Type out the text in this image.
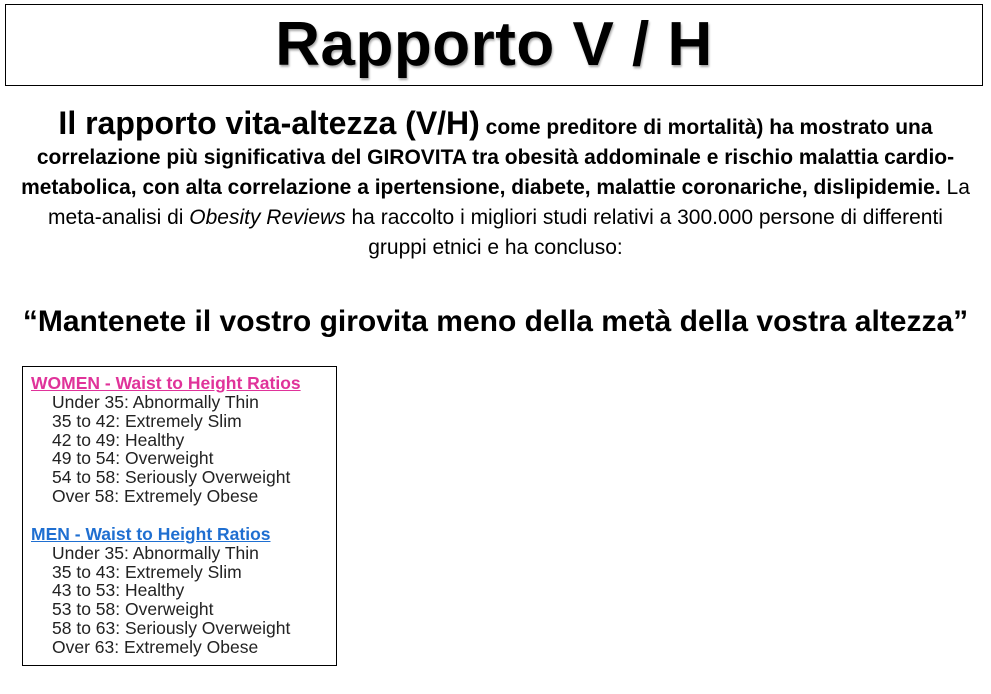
Rapporto V / H
Il rapporto vita-altezza (V/H) come preditore di mortalità) ha mostrato una correlazione più significativa del GIROVITA tra obesità addominale e rischio malattia cardio-metabolica, con alta correlazione a ipertensione, diabete, malattie coronariche, dislipidemie. La meta-analisi di Obesity Reviews ha raccolto i migliori studi relativi a 300.000 persone di differenti gruppi etnici e ha concluso:
“Mantenete il vostro girovita meno della metà della vostra altezza”
WOMEN - Waist to Height Ratios
Under 35: Abnormally Thin
35 to 42: Extremely Slim
42 to 49: Healthy
49 to 54: Overweight
54 to 58: Seriously Overweight
Over 58: Extremely Obese
MEN - Waist to Height Ratios
Under 35: Abnormally Thin
35 to 43: Extremely Slim
43 to 53: Healthy
53 to 58: Overweight
58 to 63: Seriously Overweight
Over 63: Extremely Obese
